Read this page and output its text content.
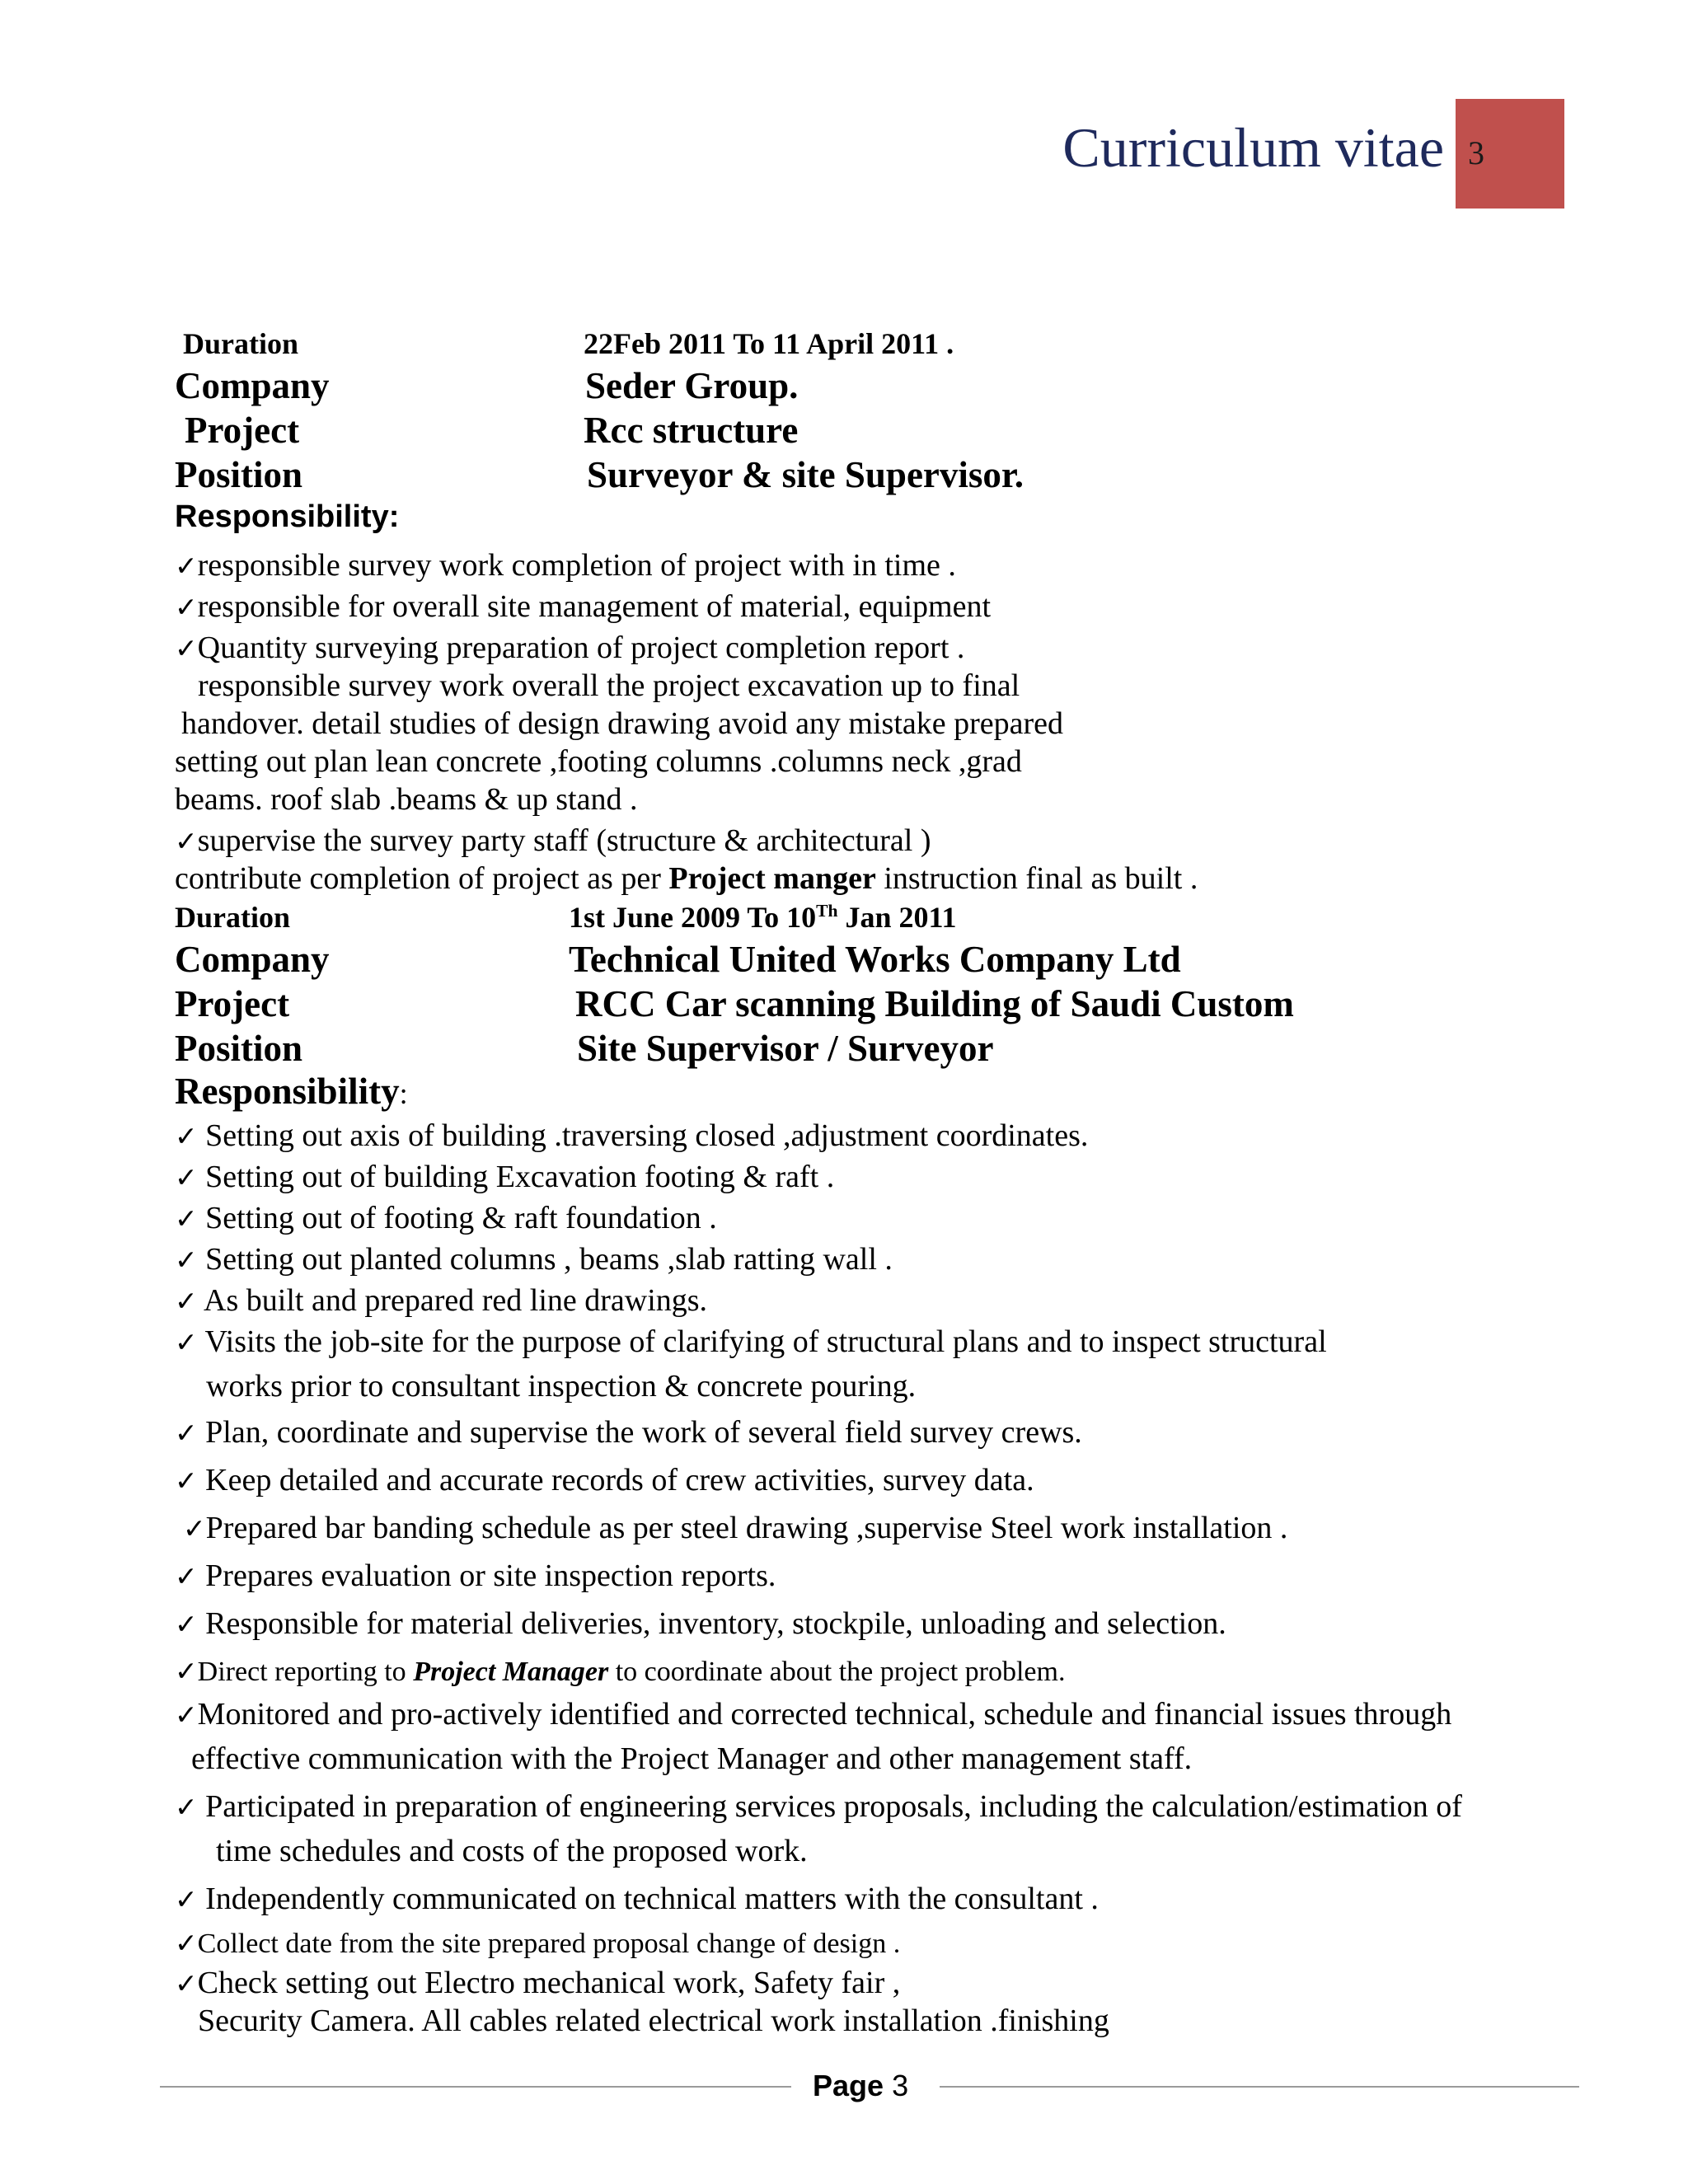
Curriculum vitae 3
Duration	22Feb 2011 To 11 April 2011 .
Company	Seder Group.
Project	Rcc structure
Position	Surveyor & site Supervisor.
Responsibility:
✓responsible survey work completion of project with in time .
✓responsible for overall site management of material, equipment
✓Quantity surveying preparation of project completion report .
responsible survey work overall the project excavation up to final
handover. detail studies of design drawing avoid any mistake prepared
setting out plan lean concrete ,footing columns .columns neck ,grad
beams. roof slab .beams & up stand .
✓supervise the survey party staff (structure & architectural )
contribute completion of project as per Project manger instruction final as built .
Duration	1st June 2009 To 10Th Jan 2011
Company	Technical United Works Company Ltd
Project	RCC Car scanning Building of Saudi Custom
Position	Site Supervisor / Surveyor
Responsibility:
✓ Setting out axis of building .traversing closed ,adjustment coordinates.
✓ Setting out of building Excavation footing & raft .
✓ Setting out of footing & raft foundation .
✓ Setting out planted columns , beams ,slab ratting wall .
✓ As built and prepared red line drawings.
✓ Visits the job-site for the purpose of clarifying of structural plans and to inspect structural
works prior to consultant inspection & concrete pouring.
✓ Plan, coordinate and supervise the work of several field survey crews.
✓ Keep detailed and accurate records of crew activities, survey data.
✓Prepared bar banding schedule as per steel drawing ,supervise Steel work installation .
✓ Prepares evaluation or site inspection reports.
✓ Responsible for material deliveries, inventory, stockpile, unloading and selection.
✓Direct reporting to Project Manager to coordinate about the project problem.
✓Monitored and pro-actively identified and corrected technical, schedule and financial issues through
effective communication with the Project Manager and other management staff.
✓ Participated in preparation of engineering services proposals, including the calculation/estimation of
time schedules and costs of the proposed work.
✓ Independently communicated on technical matters with the consultant .
✓Collect date from the site prepared proposal change of design .
✓Check setting out Electro mechanical work, Safety fair ,
Security Camera. All cables related electrical work installation .finishing
Page 3
